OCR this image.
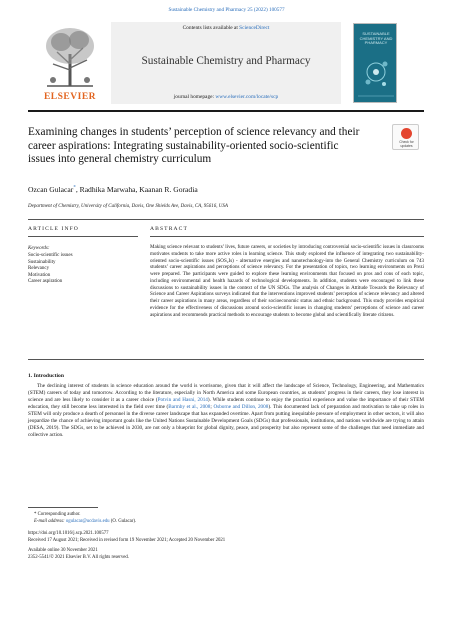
Sustainable Chemistry and Pharmacy 25 (2022) 100577
ELSEVIER
Contents lists available at ScienceDirect
Sustainable Chemistry and Pharmacy
journal homepage: www.elsevier.com/locate/scp
SUSTAINABLE CHEMISTRY AND PHARMACY
Examining changes in students’ perception of science relevancy and their career aspirations: Integrating sustainability-oriented socio-scientific issues into general chemistry curriculum
Check for updates
Ozcan Gulacar*, Radhika Marwaha, Kaanan R. Goradia
Department of Chemistry, University of California, Davis, One Shields Ave, Davis, CA, 95616, USA
ARTICLE INFO	ABSTRACT
Keywords:
Socio-scientific issues
Sustainability
Relevancy
Motivation
Career aspiration
Making science relevant to students’ lives, future careers, or societies by introducing controversial socio-scientific issues in classrooms motivates students to take more active roles in learning science. This study explored the influence of integrating two sustainability-oriented socio-scientific issues (SOS₂Is) - alternative energies and nanotechnology-into the General Chemistry curriculum on 743 students’ career aspirations and perceptions of science relevancy. For the presentation of topics, two learning environments on Prezi were prepared. The participants were guided to explore these learning environments that focused on pros and cons of each topic, including environmental and health hazards of technological developments. In addition, students were encouraged to link these discussions to sustainability issues in the context of the UN SDGs. The analysis of Changes in Attitude Towards the Relevancy of Science and Career Aspirations surveys indicated that the interventions improved students’ perception of science relevancy and altered their career aspirations in many areas, regardless of their socioeconomic status and ethnic background. This study provides empirical evidence for the effectiveness of discussions around socio-scientific issues in changing students’ perceptions of science and career aspirations and recommends practical methods to encourage students to become global and scientifically literate citizens.
1. Introduction
The declining interest of students in science education around the world is worrisome, given that it will affect the landscape of Science, Technology, Engineering, and Mathematics (STEM) careers of today and tomorrow. According to the literature, especially in North America and some European countries, as students’ progress in their careers, they lose interest in science and are less likely to consider it as a career choice (Potvin and Hasni, 2014). While students continue to enjoy the practical experience and value the importance of their STEM education, they still become less interested in the field over time (Barmby et al., 2008; Osborne and Dillon, 2008). This documented lack of preparation and motivation to take up roles in STEM will only produce a dearth of personnel in the diverse career landscape that has expanded overtime. Apart from putting inequitable pressure of employment in other sectors, it will also jeopardize the chance of achieving important goals like the United Nations Sustainable Development Goals (SDGs) that professionals, institutions, and nations worldwide are trying to attain (DESA, 2019). The SDGs, set to be achieved in 2030, are not only a blueprint for global dignity, peace, and prosperity but also represent some of the challenges that need immediate and collective action.
* Corresponding author.
E-mail address: ogulacar@ucdavis.edu (O. Gulacar).
https://doi.org/10.1016/j.scp.2021.100577
Received 17 August 2021; Received in revised form 19 November 2021; Accepted 20 November 2021
Available online 30 November 2021
2352-5541/© 2021 Elsevier B.V. All rights reserved.
